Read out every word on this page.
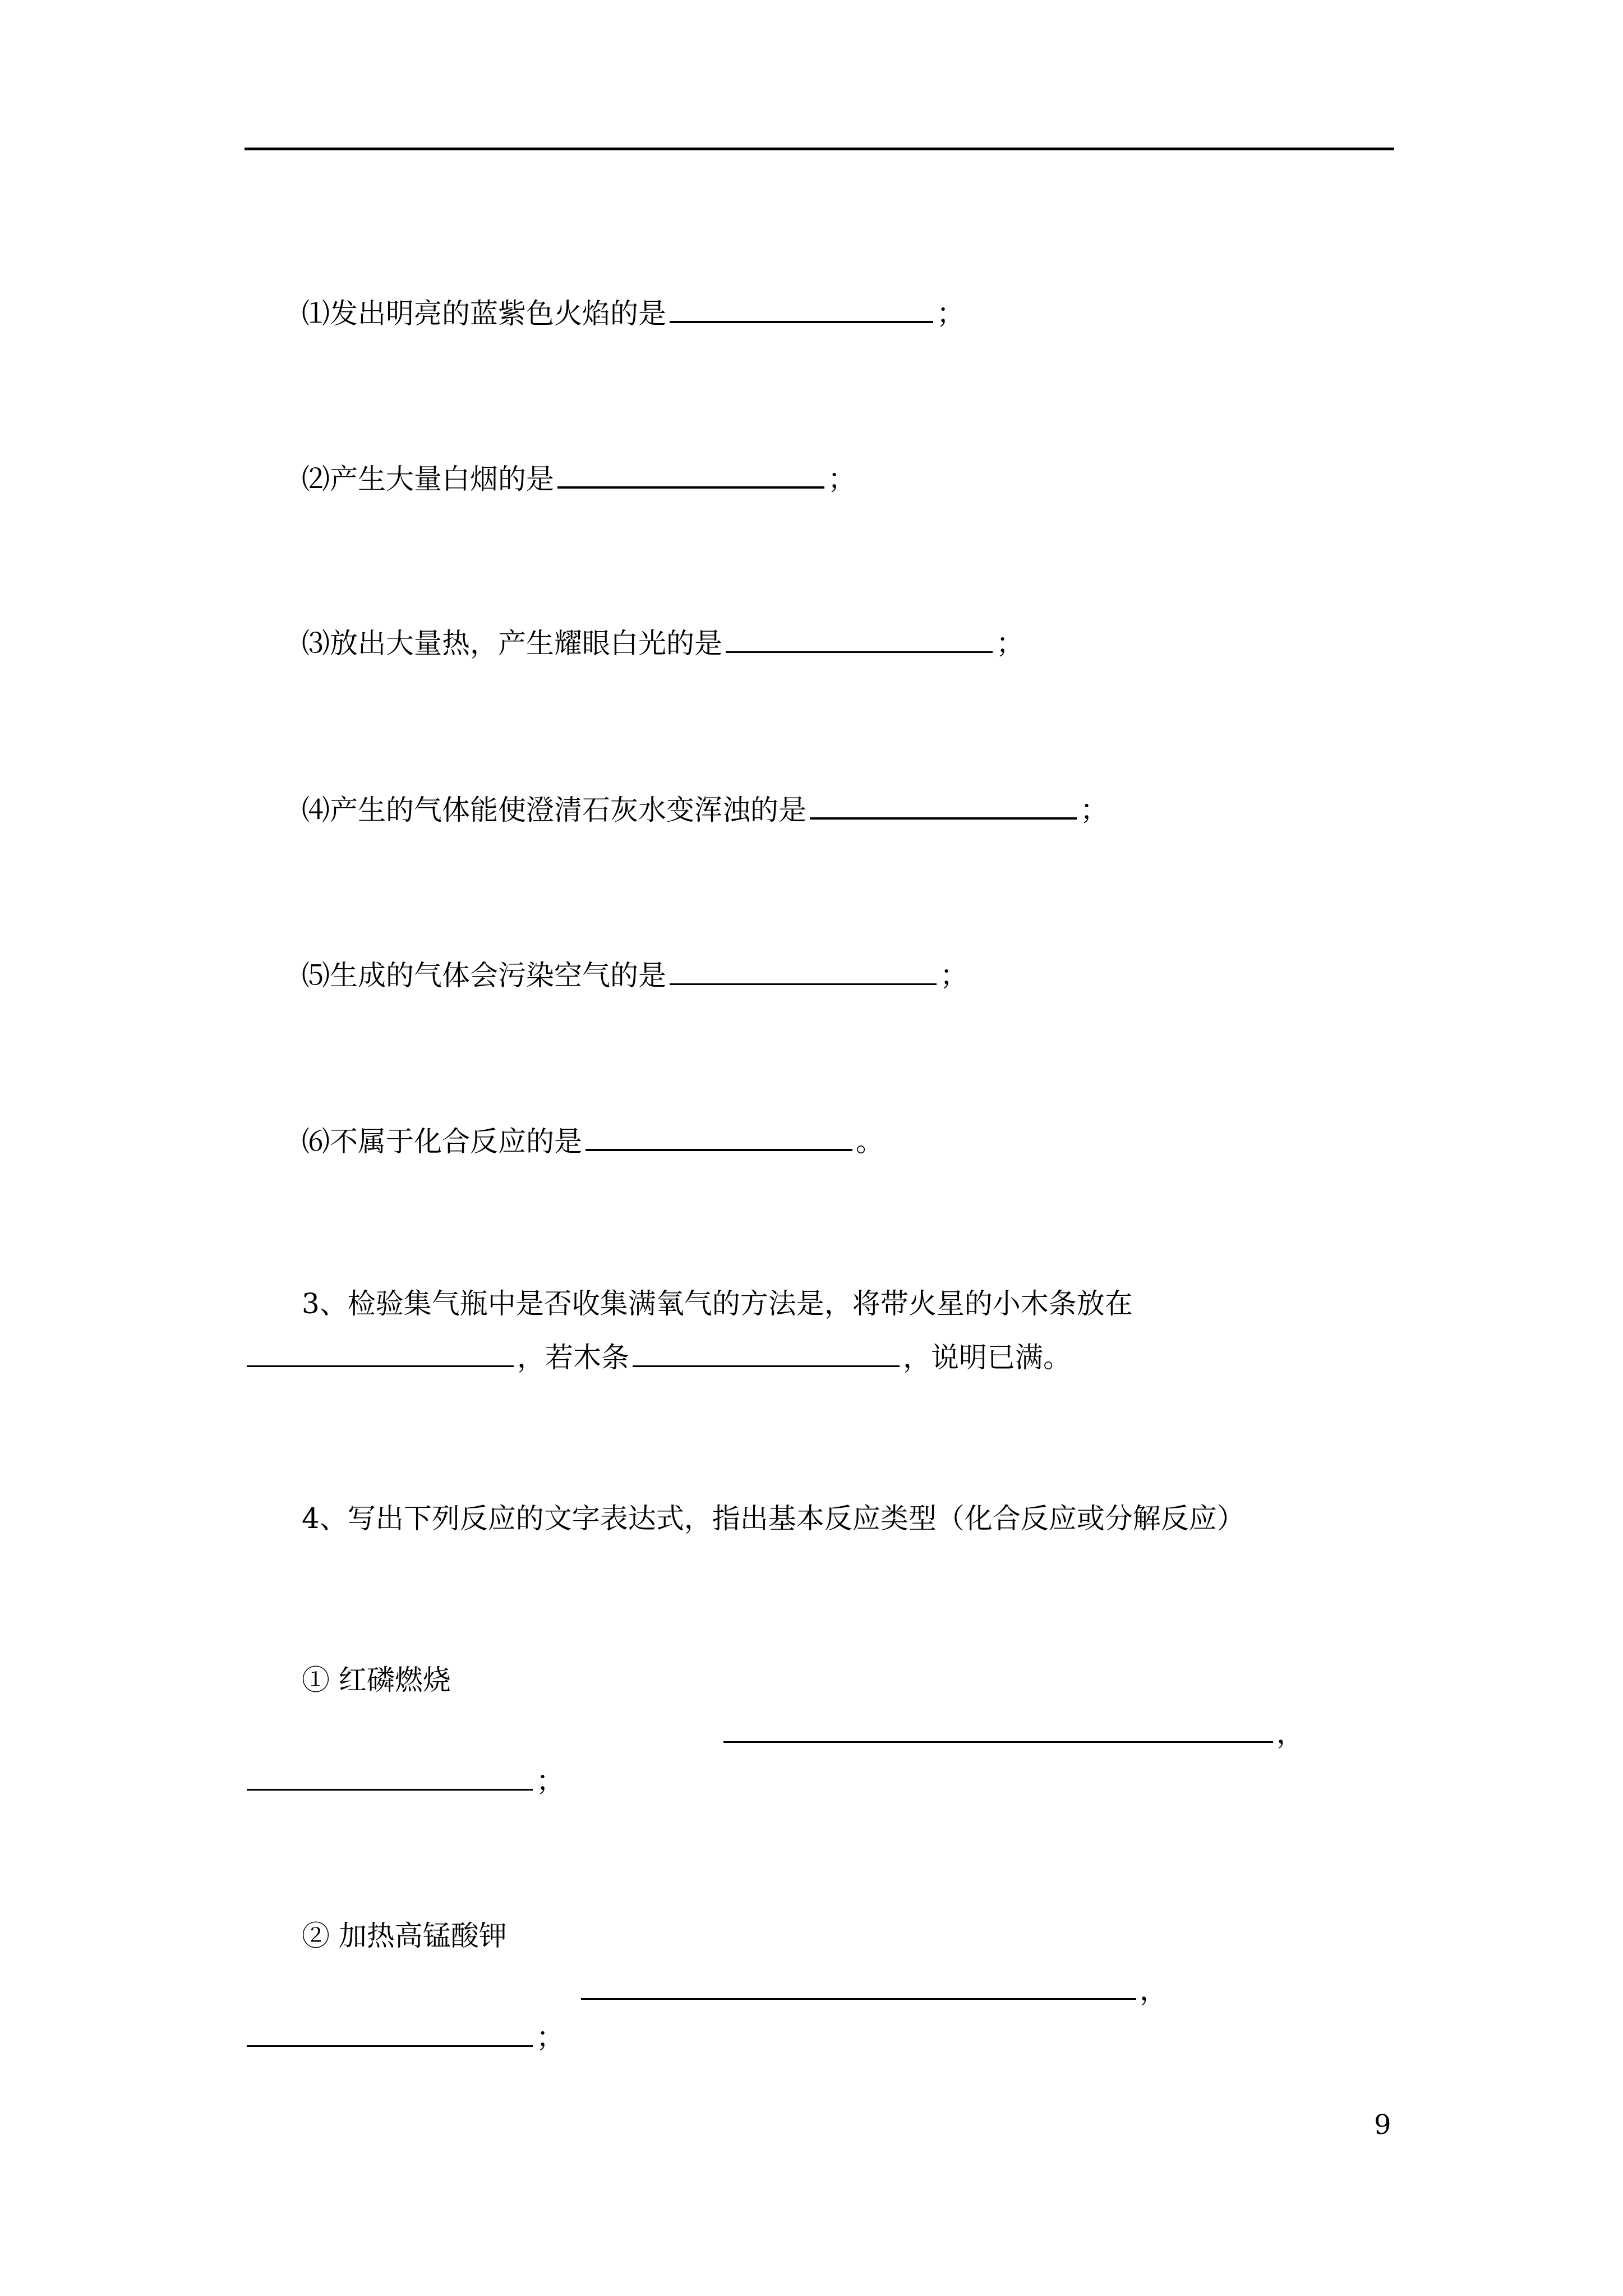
⑴发出明亮的蓝紫色火焰的是	；
⑵产生大量白烟的是	；
⑶放出大量热，产生耀眼白光的是	；
⑷产生的气体能使澄清石灰水变浑浊的是	；
⑸生成的气体会污染空气的是	；
⑹不属于化合反应的是	。
3、检验集气瓶中是否收集满氧气的方法是，将带火星的小木条放在
，若木条	，说明已满。
4、写出下列反应的文字表达式，指出基本反应类型（化合反应或分解反应）
① 红磷燃烧
，
；
② 加热高锰酸钾
，
；
9
